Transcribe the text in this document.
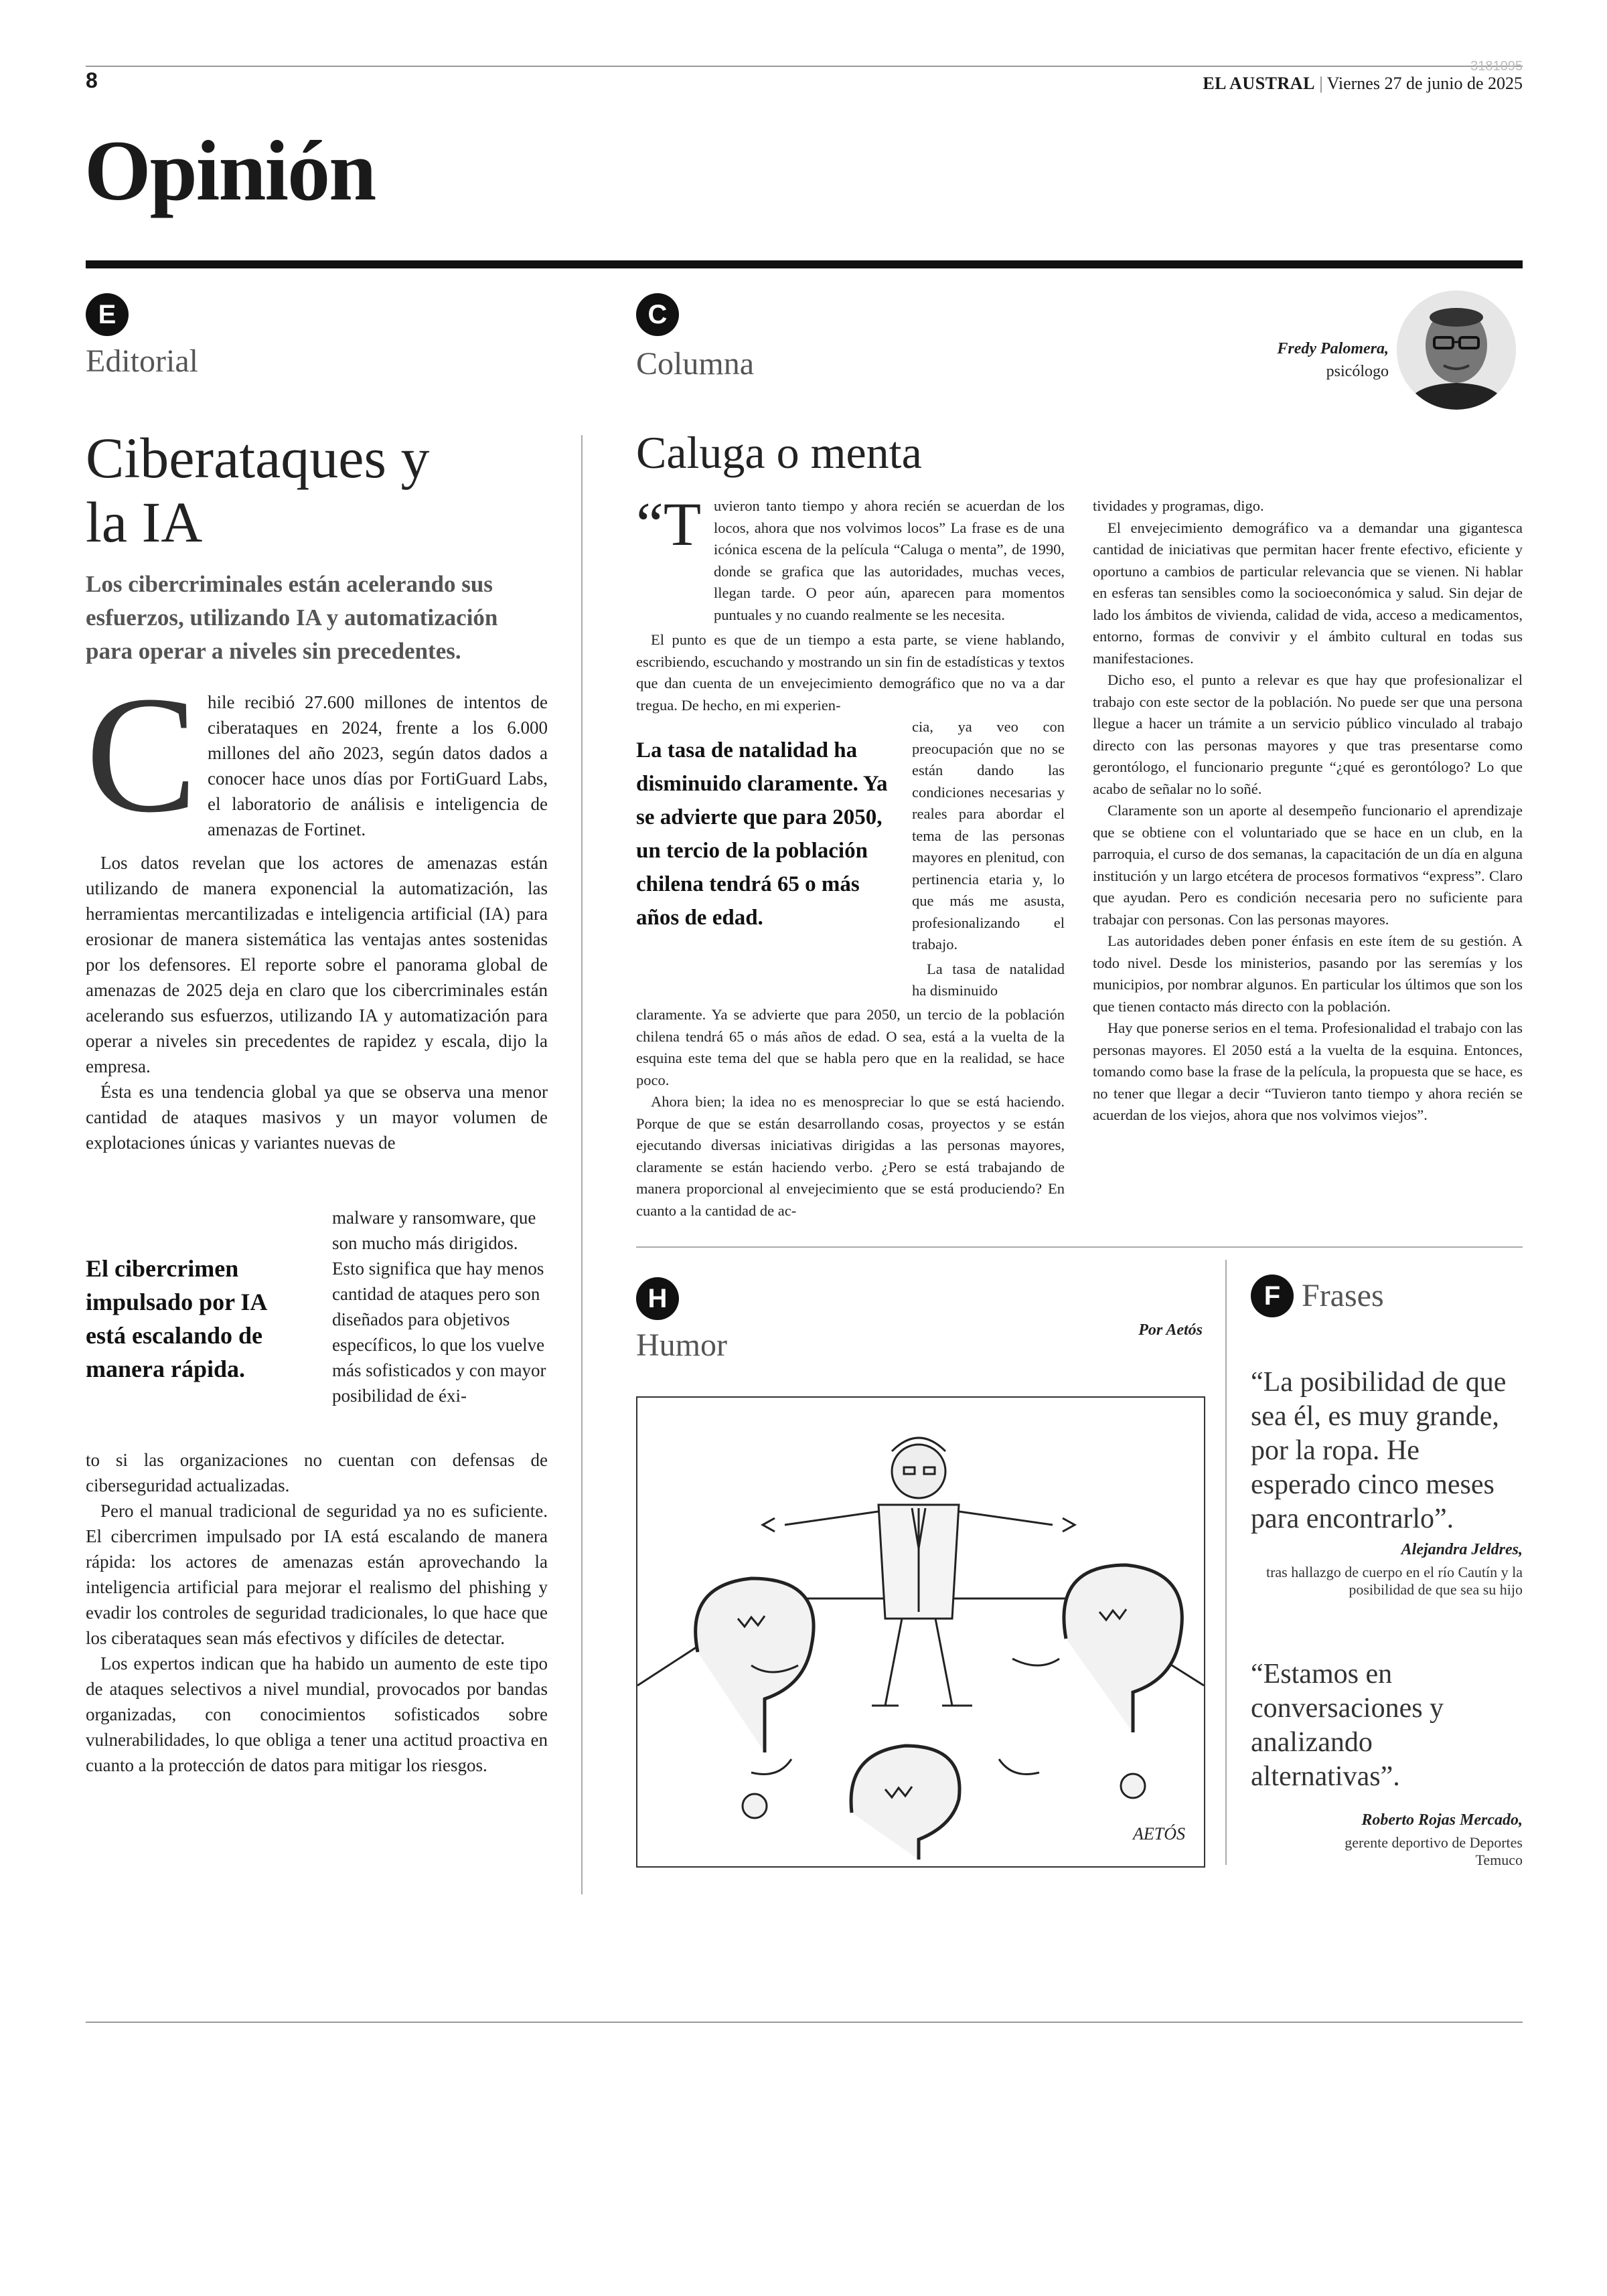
8
3181095
EL AUSTRAL | Viernes 27 de junio de 2025
Opinión
E
Editorial
Ciberataques y la IA
Los cibercriminales están acelerando sus esfuerzos, utilizando IA y automatización para operar a niveles sin precedentes.
C hile recibió 27.600 millones de intentos de ciberataques en 2024, frente a los 6.000 millones del año 2023, según datos dados a conocer hace unos días por FortiGuard Labs, el laboratorio de análisis e inteligencia de amenazas de Fortinet.

Los datos revelan que los actores de amenazas están utilizando de manera exponencial la automatización, las herramientas mercantilizadas e inteligencia artificial (IA) para erosionar de manera sistemática las ventajas antes sostenidas por los defensores. El reporte sobre el panorama global de amenazas de 2025 deja en claro que los cibercriminales están acelerando sus esfuerzos, utilizando IA y automatización para operar a niveles sin precedentes de rapidez y escala, dijo la empresa.

Ésta es una tendencia global ya que se observa una menor cantidad de ataques masivos y un mayor volumen de explotaciones únicas y variantes nuevas de

El cibercrimen impulsado por IA está escalando de manera rápida.

malware y ransomware, que son mucho más dirigidos. Esto significa que hay menos cantidad de ataques pero son diseñados para objetivos específicos, lo que los vuelve más sofisticados y con mayor posibilidad de éxi-

to si las organizaciones no cuentan con defensas de ciberseguridad actualizadas.

Pero el manual tradicional de seguridad ya no es suficiente. El cibercrimen impulsado por IA está escalando de manera rápida: los actores de amenazas están aprovechando la inteligencia artificial para mejorar el realismo del phishing y evadir los controles de seguridad tradicionales, lo que hace que los ciberataques sean más efectivos y difíciles de detectar.

Los expertos indican que ha habido un aumento de este tipo de ataques selectivos a nivel mundial, provocados por bandas organizadas, con conocimientos sofisticados sobre vulnerabilidades, lo que obliga a tener una actitud proactiva en cuanto a la protección de datos para mitigar los riesgos.

C
Columna	Fredy Palomera,
psicólogo
Caluga o menta
“T uvieron tanto tiempo y ahora recién se acuerdan de los locos, ahora que nos volvimos locos” La frase es de una icónica escena de la película “Caluga o menta”, de 1990, donde se grafica que las autoridades, muchas veces, llegan tarde. O peor aún, aparecen para momentos puntuales y no cuando realmente se les necesita.

El punto es que de un tiempo a esta parte, se viene hablando, escribiendo, escuchando y mostrando un sin fin de estadísticas y textos que dan cuenta de un envejecimiento demográfico que no va a dar tregua. De hecho, en mi experien-

La tasa de natalidad ha disminuido claramente. Ya se advierte que para 2050, un tercio de la población chilena tendrá 65 o más años de edad.

cia, ya veo con preocupación que no se están dando las condiciones necesarias y reales para abordar el tema de las personas mayores en plenitud, con pertinencia etaria y, lo que más me asusta, profesionalizando el trabajo.

La tasa de natalidad ha disminuido

claramente. Ya se advierte que para 2050, un tercio de la población chilena tendrá 65 o más años de edad. O sea, está a la vuelta de la esquina este tema del que se habla pero que en la realidad, se hace poco.

Ahora bien; la idea no es menospreciar lo que se está haciendo. Porque de que se están desarrollando cosas, proyectos y se están ejecutando diversas iniciativas dirigidas a las personas mayores, claramente se están haciendo verbo. ¿Pero se está trabajando de manera proporcional al envejecimiento que se está produciendo? En cuanto a la cantidad de ac-

tividades y programas, digo.

El envejecimiento demográfico va a demandar una gigantesca cantidad de iniciativas que permitan hacer frente efectivo, eficiente y oportuno a cambios de particular relevancia que se vienen. Ni hablar en esferas tan sensibles como la socioeconómica y salud. Sin dejar de lado los ámbitos de vivienda, calidad de vida, acceso a medicamentos, entorno, formas de convivir y el ámbito cultural en todas sus manifestaciones.

Dicho eso, el punto a relevar es que hay que profesionalizar el trabajo con este sector de la población. No puede ser que una persona llegue a hacer un trámite a un servicio público vinculado al trabajo directo con las personas mayores y que tras presentarse como gerontólogo, el funcionario pregunte “¿qué es gerontólogo? Lo que acabo de señalar no lo soñé.

Claramente son un aporte al desempeño funcionario el aprendizaje que se obtiene con el voluntariado que se hace en un club, en la parroquia, el curso de dos semanas, la capacitación de un día en alguna institución y un largo etcétera de procesos formativos “express”. Claro que ayudan. Pero es condición necesaria pero no suficiente para trabajar con personas. Con las personas mayores.

Las autoridades deben poner énfasis en este ítem de su gestión. A todo nivel. Desde los ministerios, pasando por las seremías y los municipios, por nombrar algunos. En particular los últimos que son los que tienen contacto más directo con la población.

Hay que ponerse serios en el tema. Profesionalidad el trabajo con las personas mayores. El 2050 está a la vuelta de la esquina. Entonces, tomando como base la frase de la película, la propuesta que se hace, es no tener que llegar a decir “Tuvieron tanto tiempo y ahora recién se acuerdan de los viejos, ahora que nos volvimos viejos”.

H
Humor	Por Aetós
AETÓS
F Frases
“La posibilidad de que sea él, es muy grande, por la ropa. He esperado cinco meses para encontrarlo”.
Alejandra Jeldres,
tras hallazgo de cuerpo en el río Cautín y la posibilidad de que sea su hijo
“Estamos en conversaciones y analizando alternativas”.
Roberto Rojas Mercado,
gerente deportivo de Deportes Temuco
